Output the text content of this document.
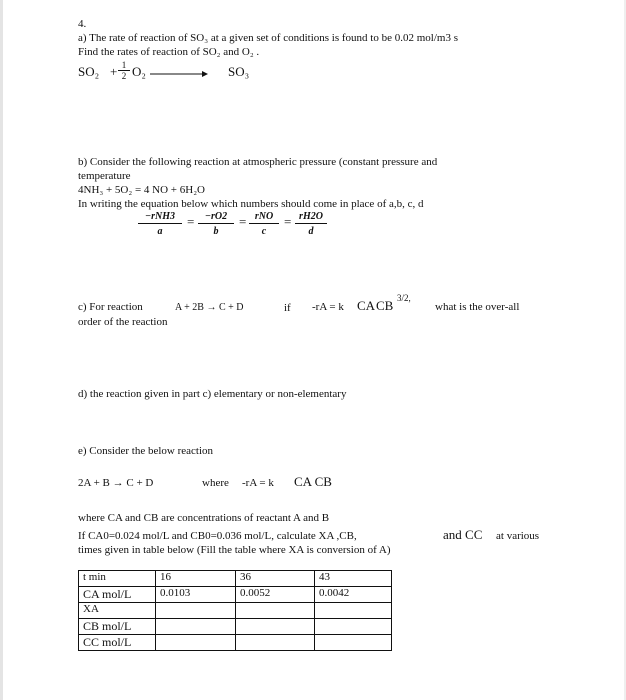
4.
a) The rate of reaction of SO₃ at a given set of conditions is found to be 0.02 mol/m3 s
Find the rates of reaction of SO₂ and O₂ .
$SO_2 + \frac{1}{2} O_2$	SO₃
b) Consider the following reaction at atmospheric pressure (constant pressure and
temperature
4NH₃ + 5O₂ = 4 NO + 6H₂O
In writing the equation below which numbers should come in place of a,b, c, d
−rNH3
a
= $\frac{-rO2}{b}$ = rNO
c
= $\frac{rH2O}{d}$
c) For reaction	A + 2B → C + D	if -rA = k CA CB 3/2,
what is the over-all
order of the reaction
d) the reaction given in part c) elementary or non-elementary
e) Consider the below reaction
2A + B → C + D	where -rA = k CA CB
where CA and CB are concentrations of reactant A and B
If CA0=0.024 mol/L and CB0=0.036 mol/L, calculate XA ,CB,	and CC at various
times given in table below (Fill the table where XA is conversion of A)
t min	16	36	43
CA mol/L	0.0103	0.0052	0.0042
XA			
CB mol/L			
CC mol/L			
